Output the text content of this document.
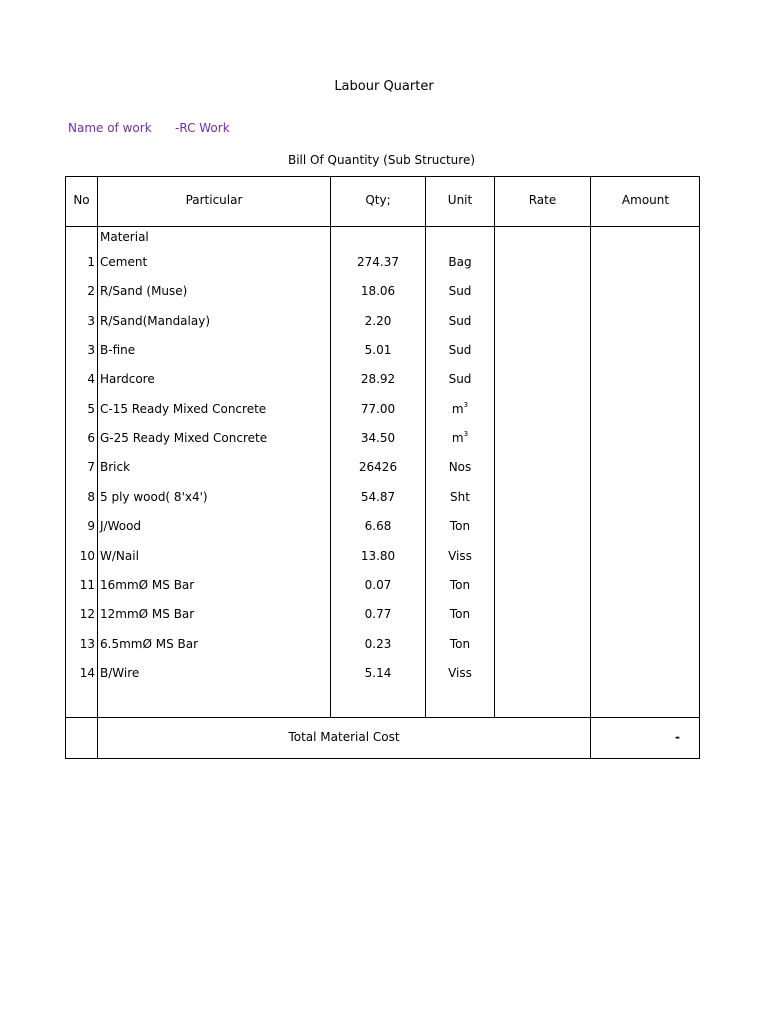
Labour Quarter
Name of work -RC Work
Bill Of Quantity (Sub Structure)
No	Particular	Qty;	Unit	Rate	Amount
Material
1 Cement	274.37	Bag
2 R/Sand (Muse)	18.06	Sud
3 R/Sand(Mandalay)	2.20	Sud
3 B-fine	5.01	Sud
4 Hardcore	28.92	Sud
5 C-15 Ready Mixed Concrete	77.00	$m^3$
6 G-25 Ready Mixed Concrete	34.50	$m^3$
7 Brick	26426	Nos
8 5 ply wood( 8'x4')	54.87	Sht
9 J/Wood	6.68	Ton
10 W/Nail	13.80	Viss
11 16mmØ MS Bar	0.07	Ton
12 12mmØ MS Bar	0.77	Ton
13 6.5mmØ MS Bar	0.23	Ton
14 B/Wire	5.14	Viss
Total Material Cost	-
